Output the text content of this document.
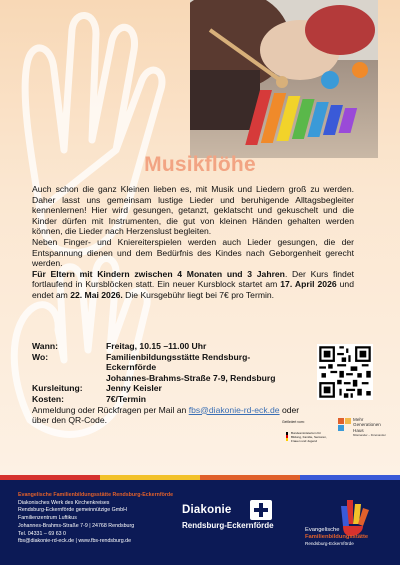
Musikflöhe

Auch schon die ganz Kleinen lieben es, mit Musik und Liedern groß zu werden. Daher lasst uns gemeinsam lustige Lieder und beruhigende Alltagsbegleiter kennenlernen! Hier wird gesungen, getanzt, geklatscht und gekuschelt und die Kinder dürfen mit Instrumenten, die gut von kleinen Händen gehalten werden können, die Lieder nach Herzenslust begleiten.

Neben Finger- und Kniereiterspielen werden auch Lieder gesungen, die der Entspannung dienen und dem Bedürfnis des Kindes nach Geborgenheit gerecht werden.

Für Eltern mit Kindern zwischen 4 Monaten und 3 Jahren. Der Kurs findet fortlaufend in Kursblöcken statt. Ein neuer Kursblock startet am 17. April 2026 und endet am 22. Mai 2026. Die Kursgebühr liegt bei 7€ pro Termin.

Wann:	Freitag, 10.15 –11.00 Uhr
Wo:	Familienbildungsstätte Rendsburg-Eckernförde
Johannes-Brahms-Straße 7-9, Rendsburg
Kursleitung:	Jenny Keisler
Kosten:	7€/Termin
Anmeldung oder Rückfragen per Mail an fbs@diakonie-rd-eck.de oder über den QR-Code.	Gefördert vom:
Bundesministerium für Bildung, Familie, Senioren, Frauen und Jugend
Mehr
Generationen
Haus
Miteinander – Füreinander
Evangelische Familienbildungsstätte Rendsburg-Eckernförde
Diakonisches Werk des Kirchenkreises
Rendsburg-Eckernförde gemeinnützige GmbH
Familienzentrum Luftikus
Johannes-Brahms-Straße 7-9 | 24768 Rendsburg
Tel. 04331 – 69 63 0
fbs@diakonie-rd-eck.de | www.fbs-rendsburg.de
Diakonie
Rendsburg-Eckernförde	Evangelische
Familienbildungsstätte
Rendsburg-Eckernförde
